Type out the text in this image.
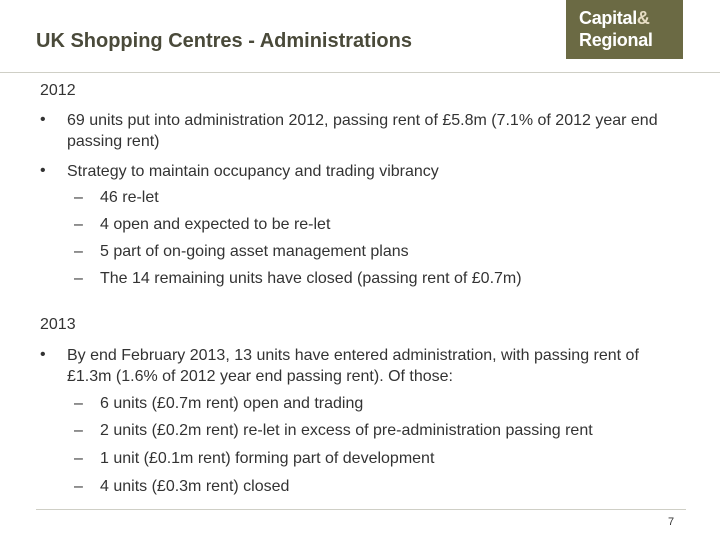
UK Shopping Centres - Administrations
Capital&
Regional
2012
• 69 units put into administration 2012, passing rent of £5.8m (7.1% of 2012 year end passing rent)
• Strategy to maintain occupancy and trading vibrancy
– 46 re-let
– 4 open and expected to be re-let
– 5 part of on-going asset management plans
– The 14 remaining units have closed (passing rent of £0.7m)
2013
• By end February 2013, 13 units have entered administration, with passing rent of £1.3m (1.6% of 2012 year end passing rent). Of those:
– 6 units (£0.7m rent) open and trading
– 2 units (£0.2m rent) re-let in excess of pre-administration passing rent
– 1 unit (£0.1m rent) forming part of development
– 4 units (£0.3m rent) closed
7
